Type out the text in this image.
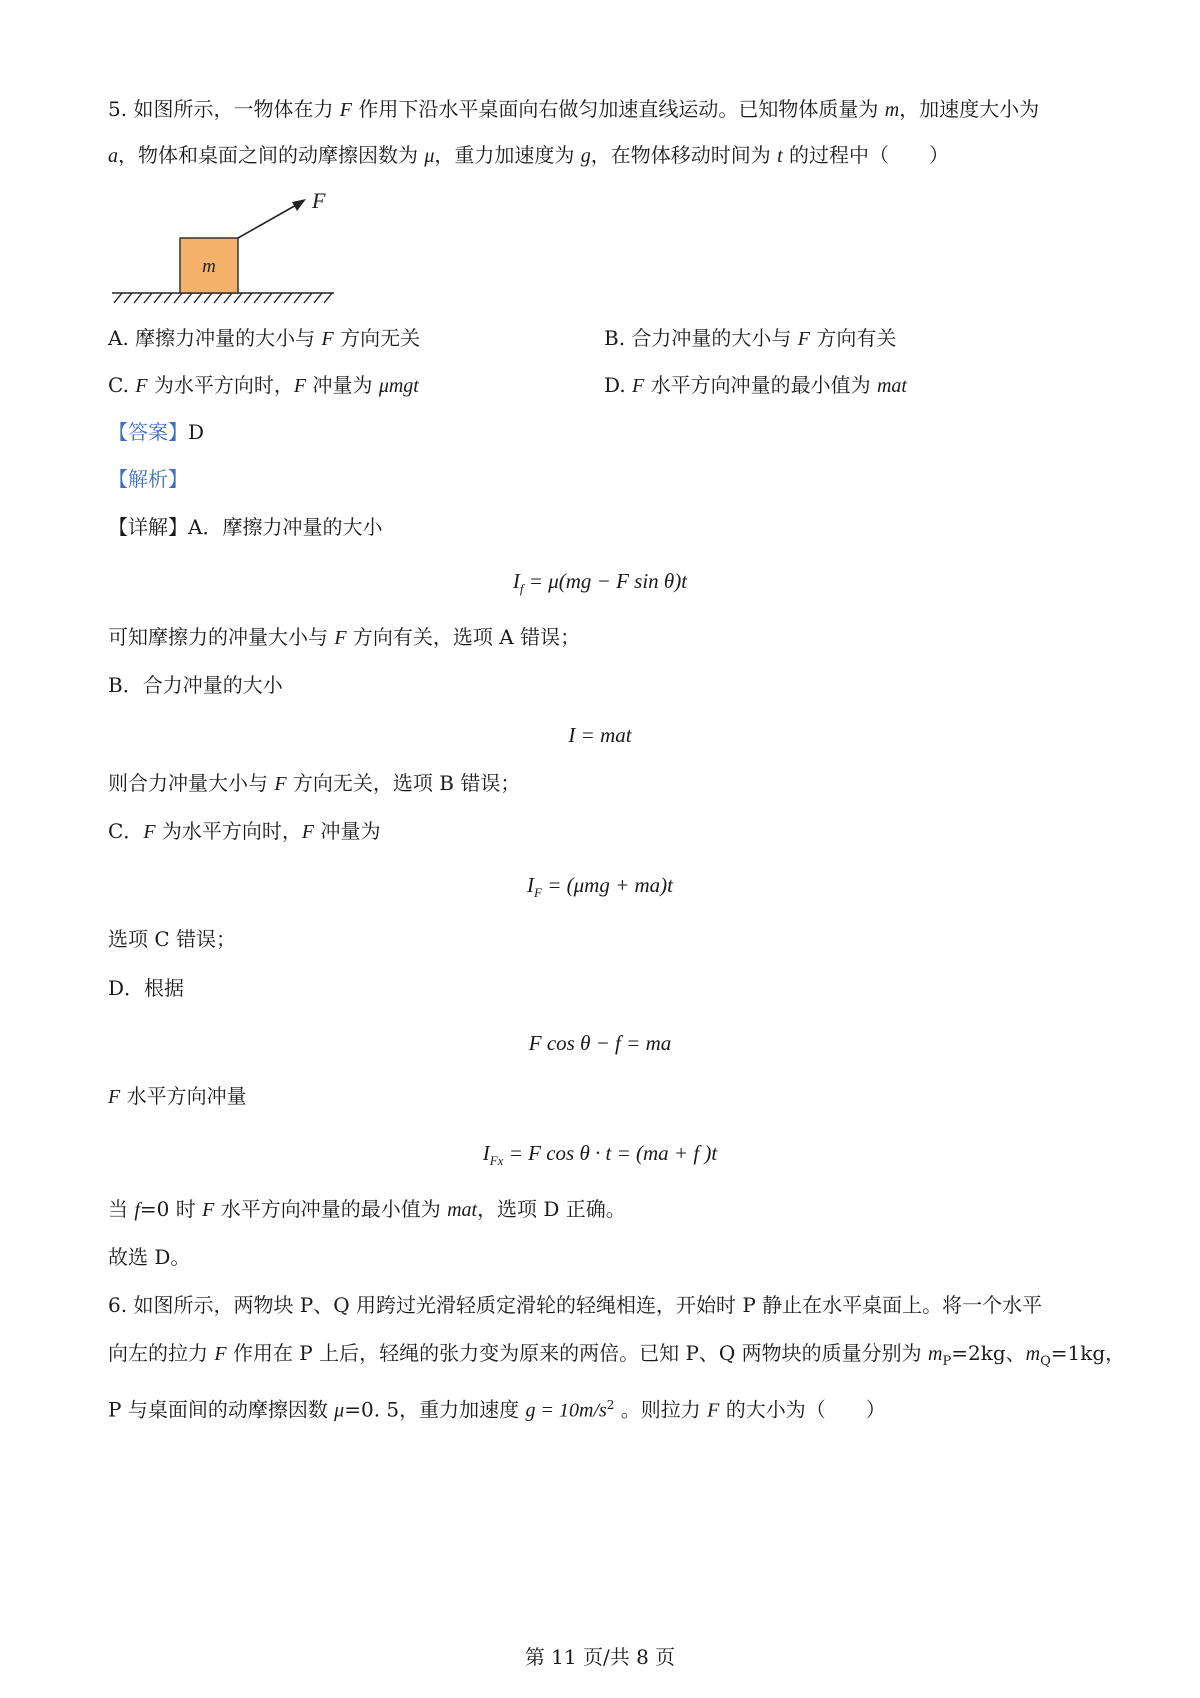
5. 如图所示，一物体在力 F 作用下沿水平桌面向右做匀加速直线运动。已知物体质量为 m，加速度大小为
a，物体和桌面之间的动摩擦因数为 μ，重力加速度为 g，在物体移动时间为 t 的过程中（　　）
m
F
A. 摩擦力冲量的大小与 F 方向无关	B. 合力冲量的大小与 F 方向有关
C. F 为水平方向时，F 冲量为 μmgt	D. F 水平方向冲量的最小值为 mat
【答案】D
【解析】
【详解】A．摩擦力冲量的大小
$I_f = \mu(mg - F$ sin θ)t
可知摩擦力的冲量大小与 F 方向有关，选项 A 错误；
B．合力冲量的大小
I = mat
则合力冲量大小与 F 方向无关，选项 B 错误；
C．F 为水平方向时，F 冲量为
$I_F = (\mu mg + ma)t$
选项 C 错误；
D．根据
F cos θ − f = ma
F 水平方向冲量
$I_{Fx} = F$ cos θ · t = (ma + f )t
当 f=0 时 F 水平方向冲量的最小值为 mat，选项 D 正确。
故选 D。
6. 如图所示，两物块 P、Q 用跨过光滑轻质定滑轮的轻绳相连，开始时 P 静止在水平桌面上。将一个水平
向左的拉力 F 作用在 P 上后，轻绳的张力变为原来的两倍。已知 P、Q 两物块的质量分别为 $m_P=2kg$、$m_Q=1kg$，
P 与桌面间的动摩擦因数 μ=0. 5，重力加速度 $g = 10m/s^2$ 。则拉力 F 的大小为（　　）
第 11 页/共 8 页
